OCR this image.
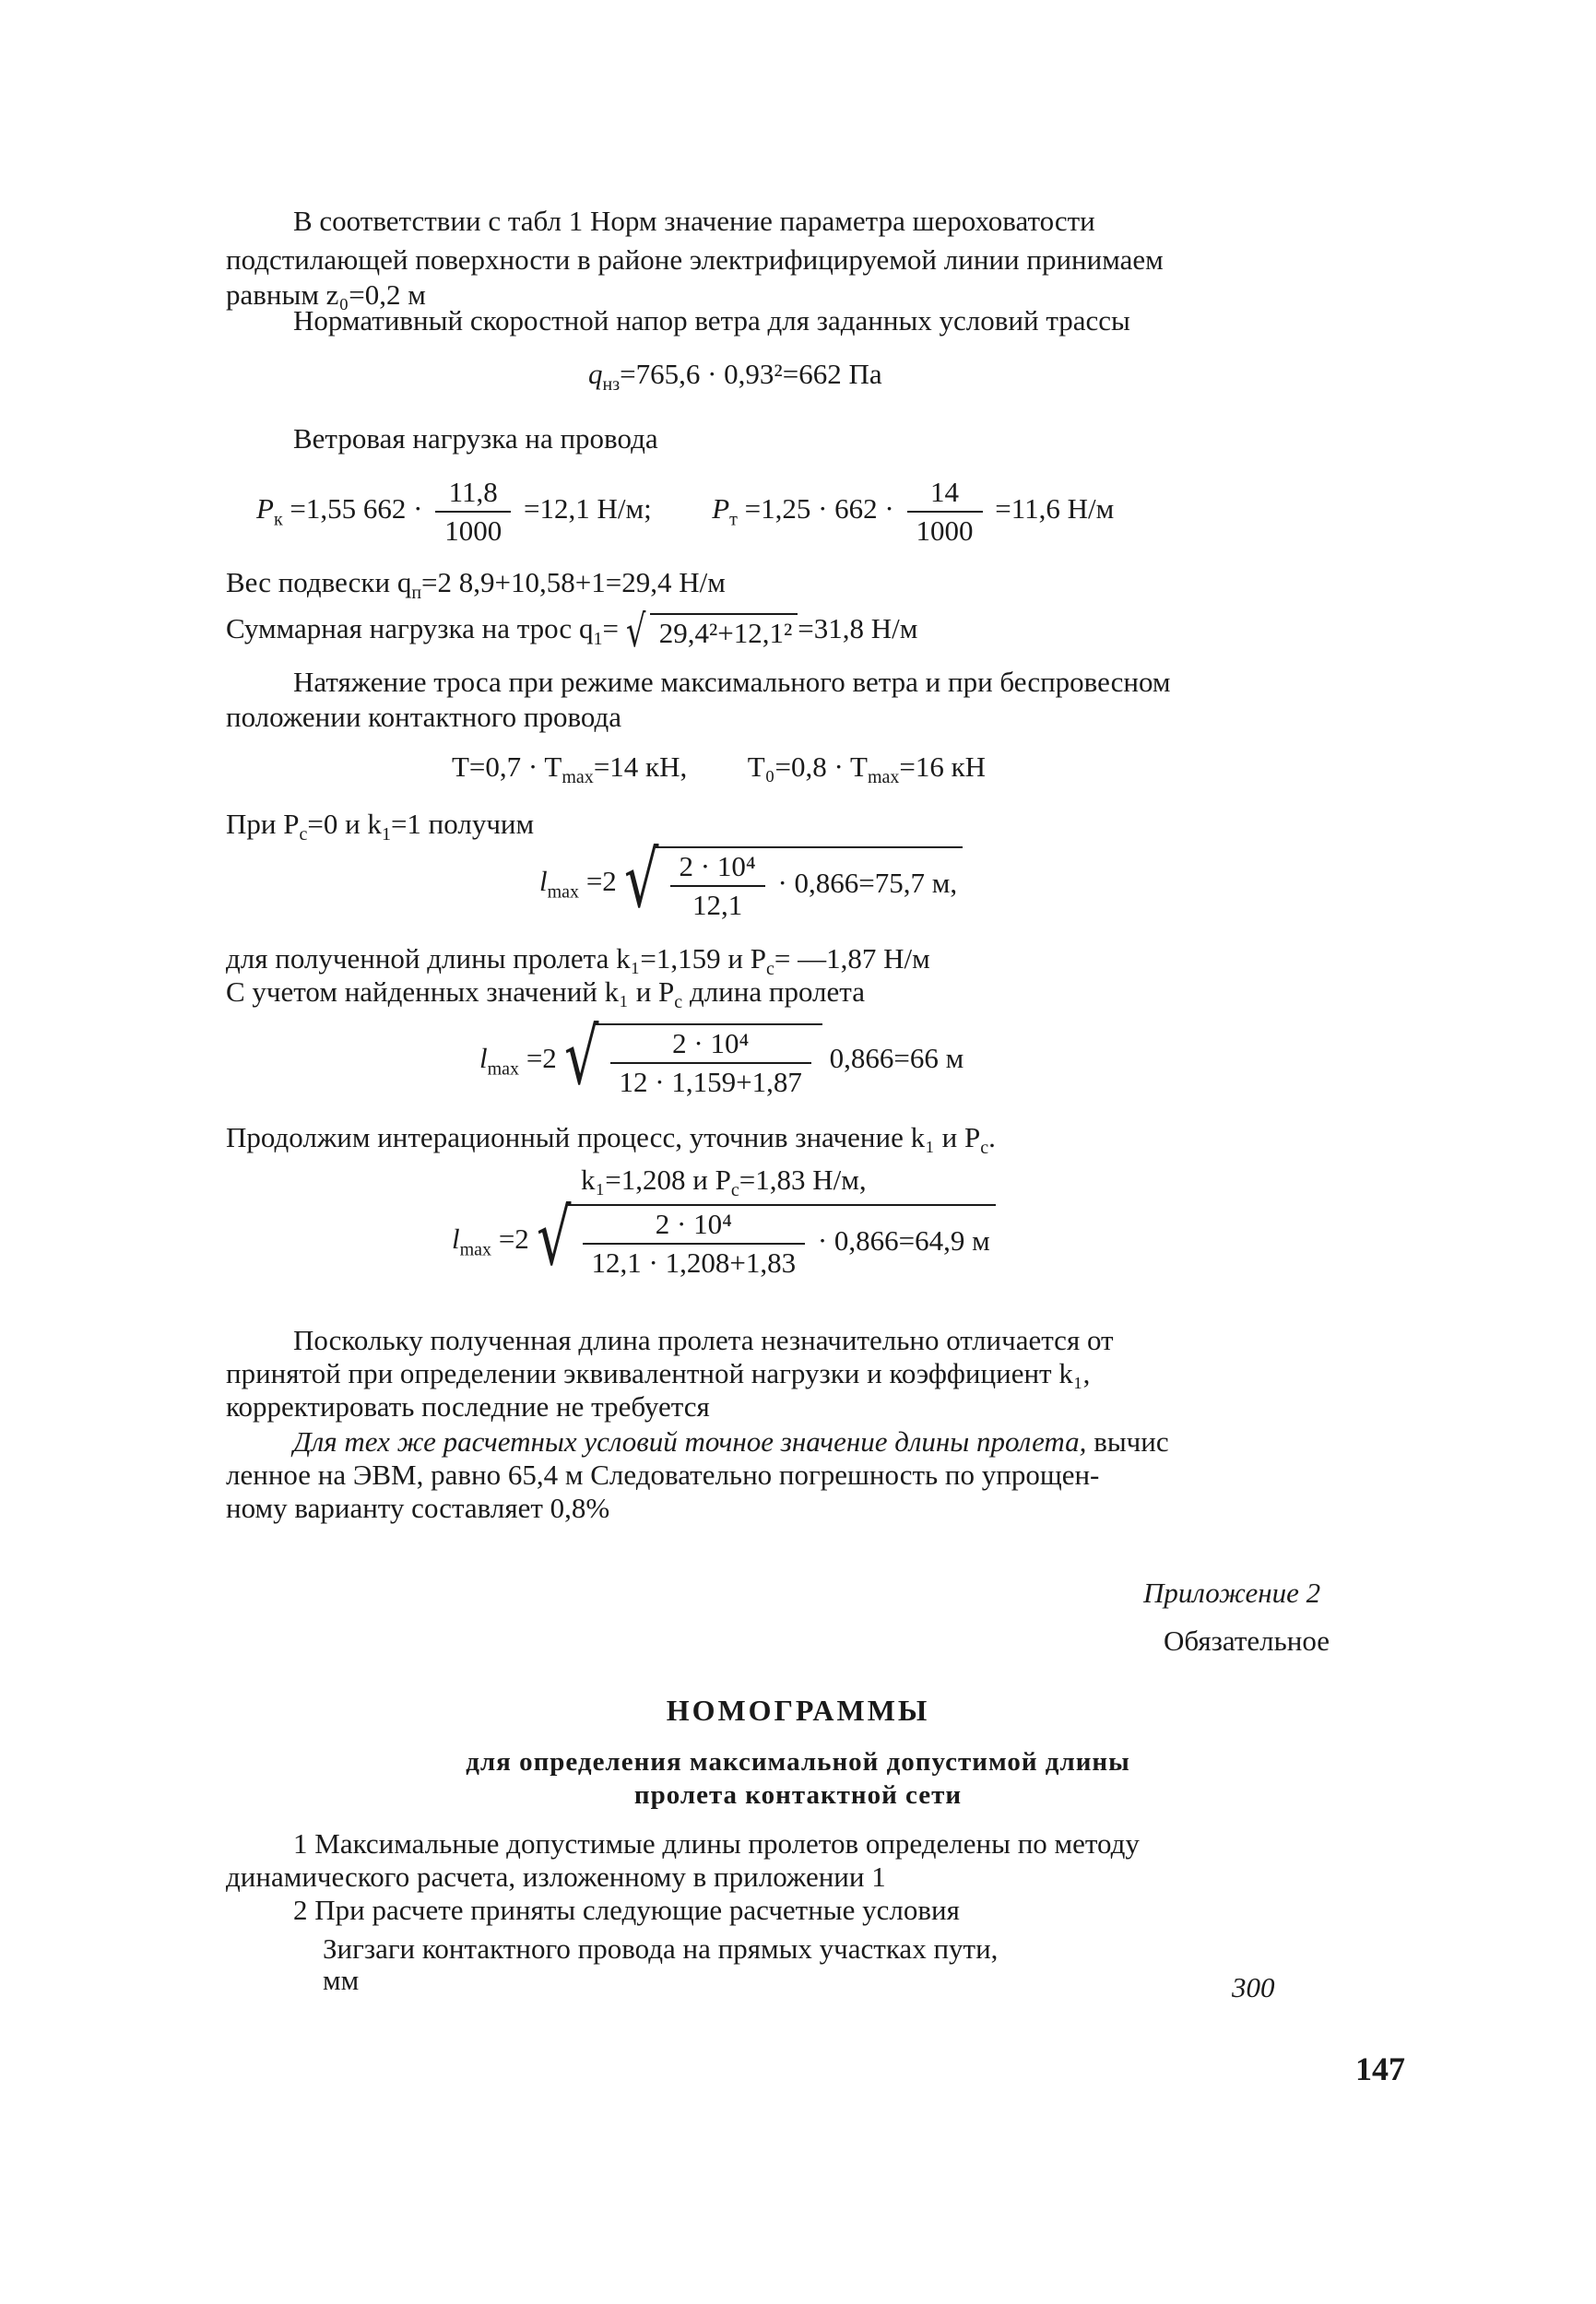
В соответствии с табл 1 Норм значение параметра шероховатости
подстилающей поверхности в районе электрифицируемой линии принимаем
равным z₀=0,2 м
Нормативный скоростной напор ветра для заданных условий трассы
$q_{нз}=765,6 \cdot 0,93^2=662$ Па
Ветровая нагрузка на провода
$P_к =1,55$ $662 \cdot \frac{11,8}{1000} =12,1$ Н/м; $P_т =1,25 \cdot 662 \cdot \frac{14}{1000} =11,6$ Н/м
Вес подвески $q_п=2$ 8,9+10,58+1=29,4 Н/м
Суммарная нагрузка на трос $q_1=$ √ 29,4²+12,1² =31,8 Н/м
Натяжение троса при режиме максимального ветра и при беспровесном
положении контактного провода
$T=0,7 \cdot T_{max}=14$ кН, $T_0=0,8 \cdot T_{max}=16$ кН
При $P_c=0$ и $k_1=1$ получим
$l_{max} =2$ √ $\frac{\text{2 · 10⁴}}{12,1} \cdot 0,866=75,7$ м,
для полученной длины пролета k₁=1,159 и $P_c=$ —1,87 Н/м
С учетом найденных значений k₁ и $P_c$ длина пролета
$l_{max} =2$ √ $\frac{\text{2 · 10⁴}}{12 \cdot 1,159+1,87} 0,866=66$ м
Продолжим интерационный процесс, уточнив значение k₁ и $P_c$.
k₁=1,208 и $P_c=1,83$ Н/м,
$l_{max} =2$ √ $\frac{\text{2 · 10⁴}}{12,1 \cdot 1,208+1,83} \cdot 0,866=64,9$ м
Поскольку полученная длина пролета незначительно отличается от
принятой при определении эквивалентной нагрузки и коэффициент k₁,
корректировать последние не требуется
Для тех же расчетных условий точное значение длины пролета, вычис
ленное на ЭВМ, равно 65,4 м Следовательно погрешность по упрощен-
ному варианту составляет 0,8%
Приложение 2
Обязательное
НОМОГРАММЫ
для определения максимальной допустимой длины
пролета контактной сети
1 Максимальные допустимые длины пролетов определены по методу
динамического расчета, изложенному в приложении 1
2 При расчете приняты следующие расчетные условия
Зигзаги контактного провода на прямых участках пути,
мм	300
147
